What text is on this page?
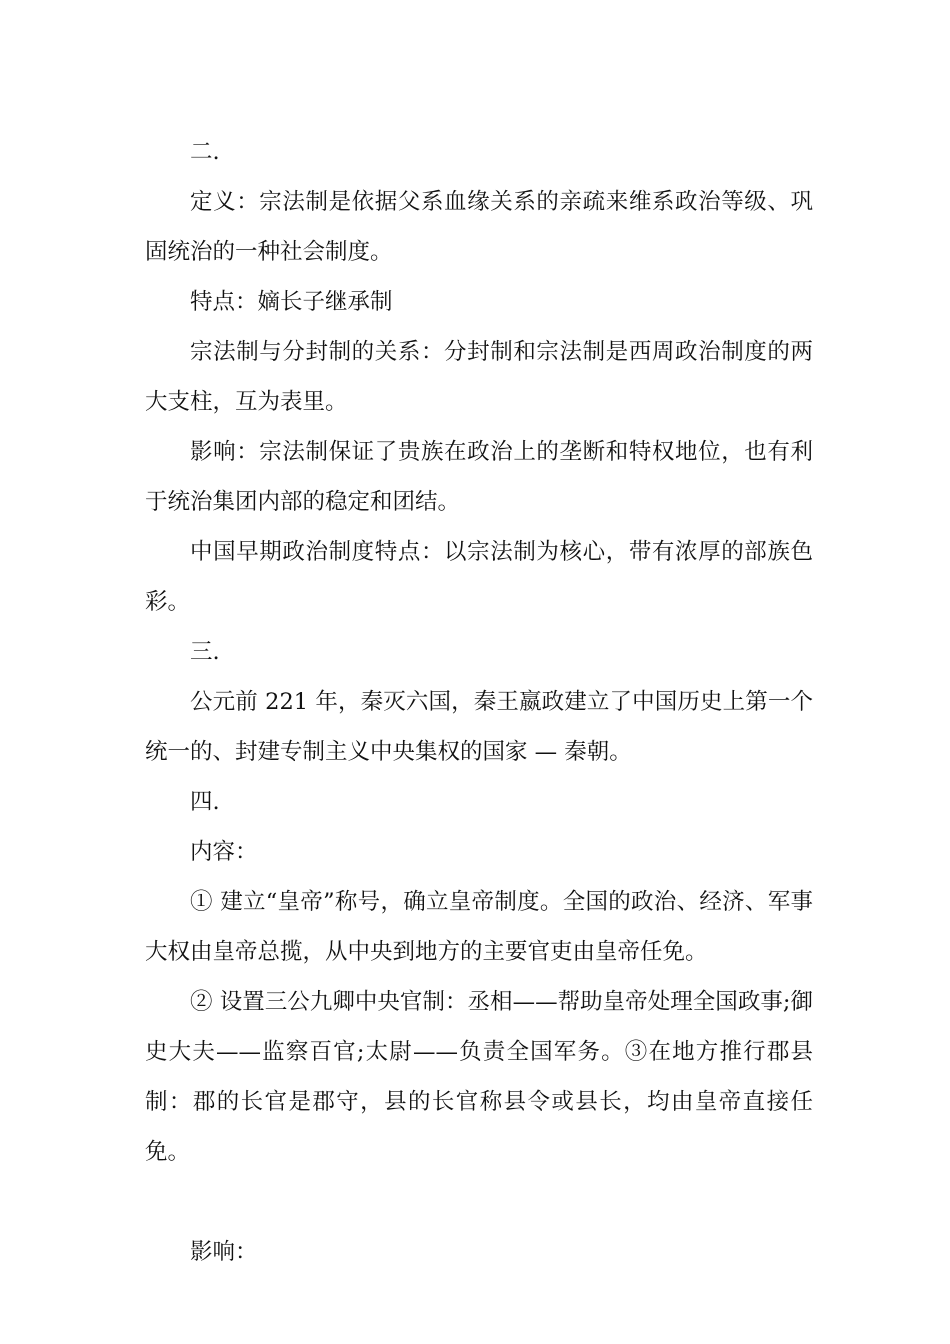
二.

定义：宗法制是依据父系血缘关系的亲疏来维系政治等级、巩固统治的一种社会制度。

特点：嫡长子继承制

宗法制与分封制的关系：分封制和宗法制是西周政治制度的两大支柱，互为表里。

影响：宗法制保证了贵族在政治上的垄断和特权地位，也有利于统治集团内部的稳定和团结。

中国早期政治制度特点：以宗法制为核心，带有浓厚的部族色彩。

三.

公元前 221 年，秦灭六国，秦王嬴政建立了中国历史上第一个统一的、封建专制主义中央集权的国家 — 秦朝。

四.

内容：

① 建立“皇帝”称号，确立皇帝制度。全国的政治、经济、军事大权由皇帝总揽，从中央到地方的主要官吏由皇帝任免。

② 设置三公九卿中央官制：丞相——帮助皇帝处理全国政事;御史大夫——监察百官;太尉——负责全国军务。③在地方推行郡县制：郡的长官是郡守，县的长官称县令或县长，均由皇帝直接任免。

影响：
